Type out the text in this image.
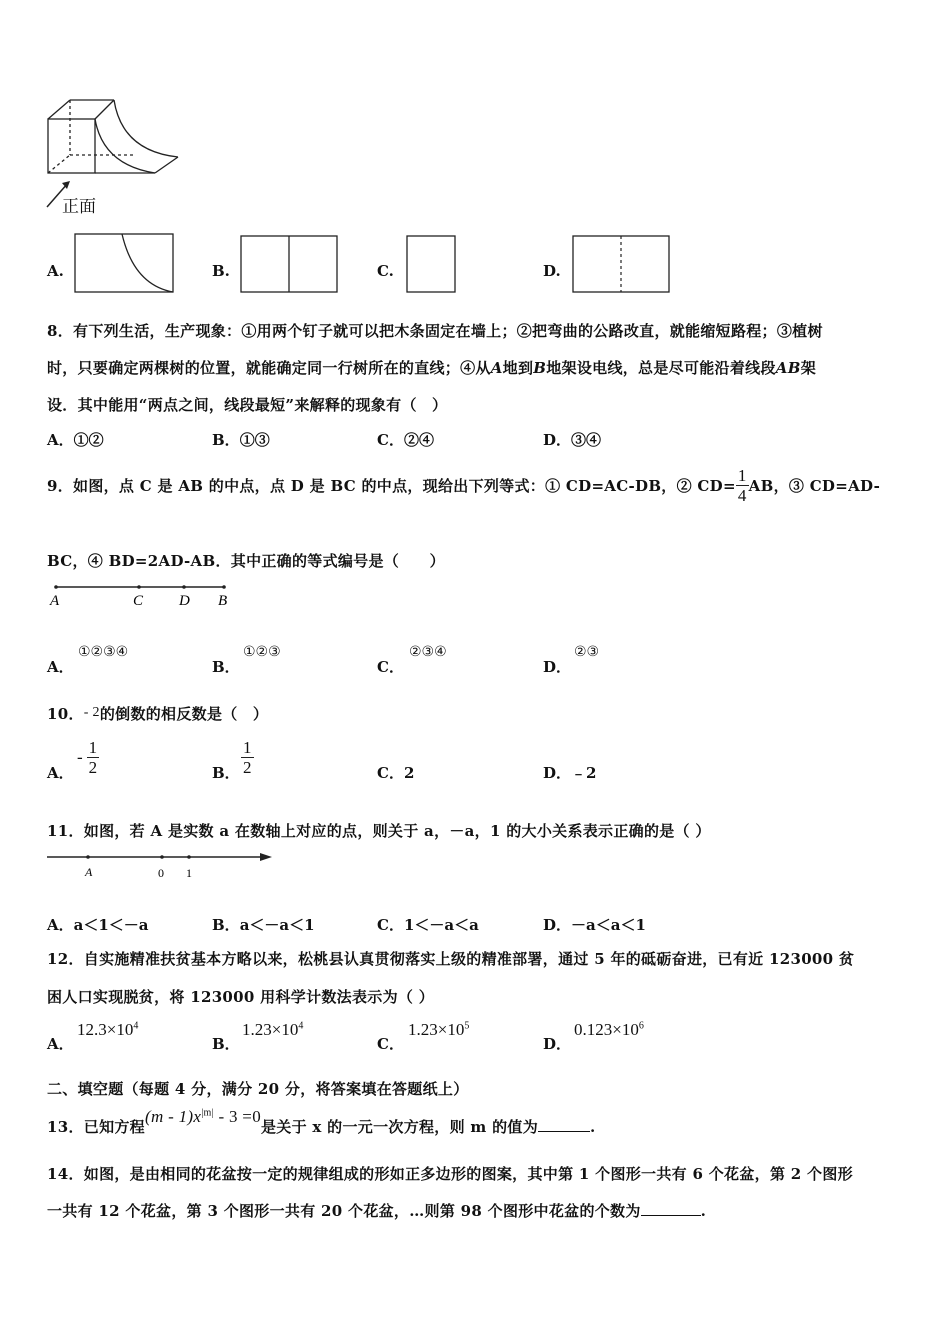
正面
A.	B.	C.	D.
8．有下列生活，生产现象：①用两个钉子就可以把木条固定在墙上；②把弯曲的公路改直，就能缩短路程；③植树
时，只要确定两棵树的位置，就能确定同一行树所在的直线；④从A地到B地架设电线，总是尽可能沿着线段AB架
设．其中能用“两点之间，线段最短”来解释的现象有（　）
A．①②	B．①③	C．②④	D．③④
9．如图，点 C 是 AB 的中点，点 D 是 BC 的中点，现给出下列等式：① CD=AC-DB，② $CD= \frac{1}{4}$ AB，③ CD=AD-
BC，④ BD=2AD-AB．其中正确的等式编号是（　　）
A	C D B
A．
①②③④
B．
①②③
C．
②③④
D．
②③
10．- 2的倒数的相反数是（　）
A．
- $\frac{1}{2}$	B． $\frac{1}{2}$	C．2	D．﹣2
11．如图，若 A 是实数 a 在数轴上对应的点，则关于 a，－a，1 的大小关系表示正确的是（ ）
A	0 1
A．a＜1＜－a	B．a＜－a＜1	C．1＜－a＜a	D．－a＜a＜1
12．自实施精准扶贫基本方略以来，松桃县认真贯彻落实上级的精准部署，通过 5 年的砥砺奋进，已有近 123000 贫
困人口实现脱贫，将 123000 用科学计数法表示为（ ）
A．
$12.3\times 10^4$
B．
$1.23\times 10^4$
C．
$1.23\times 10^5$
D．
$0.123\times 10^6$
二、填空题（每题 4 分，满分 20 分，将答案填在答题纸上）
13．已知方程$(m - 1)x^{|m|} - 3 =0$是关于 x 的一元一次方程，则 m 的值为	.
14．如图，是由相同的花盆按一定的规律组成的形如正多边形的图案，其中第 1 个图形一共有 6 个花盆，第 2 个图形
一共有 12 个花盆，第 3 个图形一共有 20 个花盆，…则第 98 个图形中花盆的个数为	.
